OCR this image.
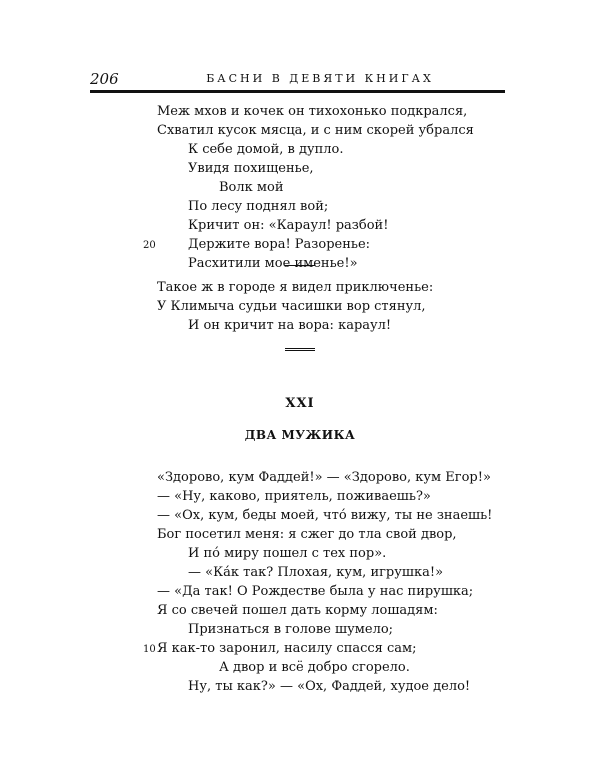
206	БАСНИ В ДЕВЯТИ КНИГАХ
Меж мхов и кочек он тихохонько подкрался,
Схватил кусок мясца, и с ним скорей убрался
К себе домой, в дупло.
Увидя похищенье,
Волк мой
По лесу поднял вой;
Кричит он: «Караул! разбой!
Держите вора! Разоренье:
20
Расхитили мое именье!»
Такое ж в городе я видел приключенье:
У Климыча судьи часишки вор стянул,
И он кричит на вора: караул!
XXI
ДВА МУЖИКА
«Здорово, кум Фаддей!» — «Здорово, кум Егор!»
— «Ну, каково, приятель, поживаешь?»
— «Ох, кум, беды моей, что́ вижу, ты не знаешь!
Бог посетил меня: я сжег до тла свой двор,
И по́ миру пошел с тех пор».
— «Ка́к так? Плохая, кум, игрушка!»
— «Да так! О Рождестве была у нас пирушка;
Я со свечей пошел дать корму лошадям:
Признаться в голове шумело;
10 Я как-то заронил, насилу спасся сам;
А двор и всё добро сгорело.
Ну, ты как?» — «Ох, Фаддей, худое дело!
